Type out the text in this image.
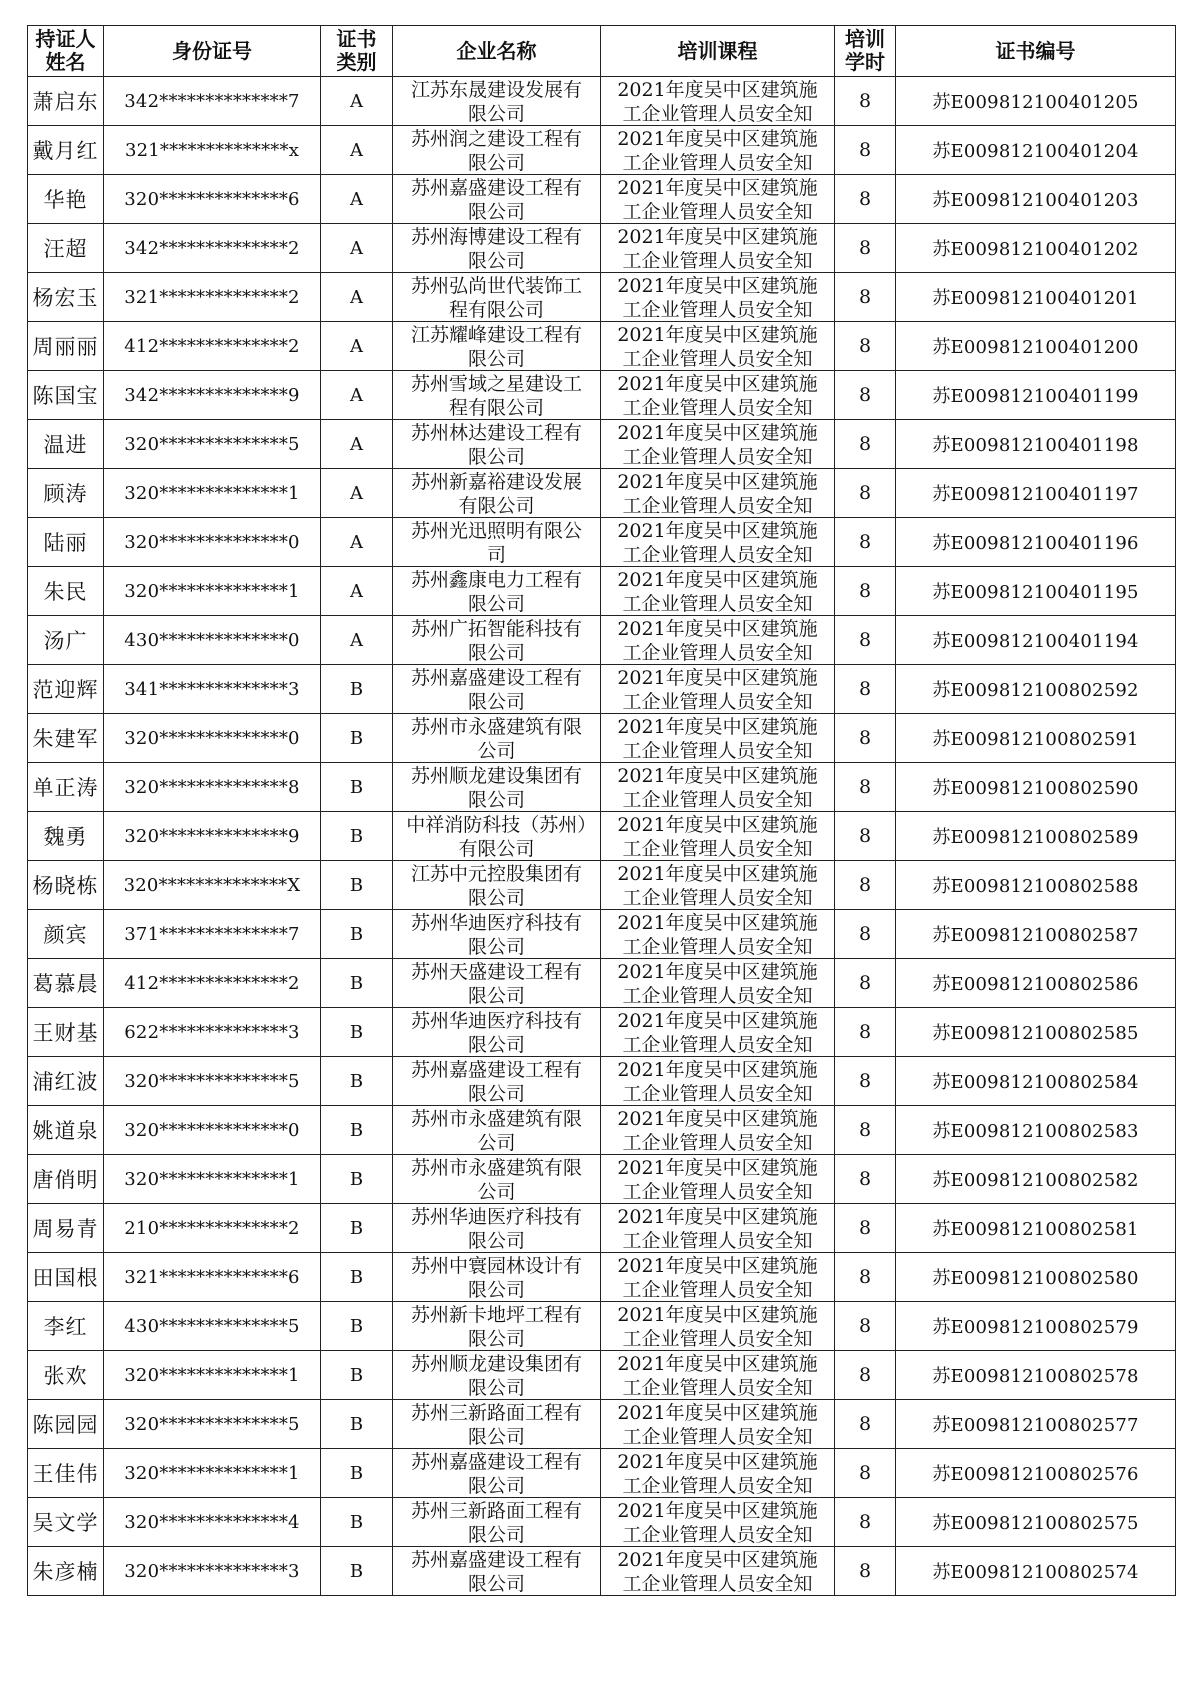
持证人姓名	身份证号	证书类别	企业名称	培训课程	培训学时	证书编号

萧启东	342**************7	A	江苏东晟建设发展有限公司	2021年度吴中区建筑施工企业管理人员安全知	8	苏E009812100401205
戴月红	321**************x	A	苏州润之建设工程有限公司	2021年度吴中区建筑施工企业管理人员安全知	8	苏E009812100401204
华艳	320**************6	A	苏州嘉盛建设工程有限公司	2021年度吴中区建筑施工企业管理人员安全知	8	苏E009812100401203
汪超	342**************2	A	苏州海博建设工程有限公司	2021年度吴中区建筑施工企业管理人员安全知	8	苏E009812100401202
杨宏玉	321**************2	A	苏州弘尚世代装饰工程有限公司	2021年度吴中区建筑施工企业管理人员安全知	8	苏E009812100401201
周丽丽	412**************2	A	江苏耀峰建设工程有限公司	2021年度吴中区建筑施工企业管理人员安全知	8	苏E009812100401200
陈国宝	342**************9	A	苏州雪域之星建设工程有限公司	2021年度吴中区建筑施工企业管理人员安全知	8	苏E009812100401199
温进	320**************5	A	苏州林达建设工程有限公司	2021年度吴中区建筑施工企业管理人员安全知	8	苏E009812100401198
顾涛	320**************1	A	苏州新嘉裕建设发展有限公司	2021年度吴中区建筑施工企业管理人员安全知	8	苏E009812100401197
陆丽	320**************0	A	苏州光迅照明有限公司	2021年度吴中区建筑施工企业管理人员安全知	8	苏E009812100401196
朱民	320**************1	A	苏州鑫康电力工程有限公司	2021年度吴中区建筑施工企业管理人员安全知	8	苏E009812100401195
汤广	430**************0	A	苏州广拓智能科技有限公司	2021年度吴中区建筑施工企业管理人员安全知	8	苏E009812100401194
范迎辉	341**************3	B	苏州嘉盛建设工程有限公司	2021年度吴中区建筑施工企业管理人员安全知	8	苏E009812100802592
朱建军	320**************0	B	苏州市永盛建筑有限公司	2021年度吴中区建筑施工企业管理人员安全知	8	苏E009812100802591
单正涛	320**************8	B	苏州顺龙建设集团有限公司	2021年度吴中区建筑施工企业管理人员安全知	8	苏E009812100802590
魏勇	320**************9	B	中祥消防科技（苏州）有限公司	2021年度吴中区建筑施工企业管理人员安全知	8	苏E009812100802589
杨晓栋	320**************X	B	江苏中元控股集团有限公司	2021年度吴中区建筑施工企业管理人员安全知	8	苏E009812100802588
颜宾	371**************7	B	苏州华迪医疗科技有限公司	2021年度吴中区建筑施工企业管理人员安全知	8	苏E009812100802587
葛慕晨	412**************2	B	苏州天盛建设工程有限公司	2021年度吴中区建筑施工企业管理人员安全知	8	苏E009812100802586
王财基	622**************3	B	苏州华迪医疗科技有限公司	2021年度吴中区建筑施工企业管理人员安全知	8	苏E009812100802585
浦红波	320**************5	B	苏州嘉盛建设工程有限公司	2021年度吴中区建筑施工企业管理人员安全知	8	苏E009812100802584
姚道泉	320**************0	B	苏州市永盛建筑有限公司	2021年度吴中区建筑施工企业管理人员安全知	8	苏E009812100802583
唐俏明	320**************1	B	苏州市永盛建筑有限公司	2021年度吴中区建筑施工企业管理人员安全知	8	苏E009812100802582
周易青	210**************2	B	苏州华迪医疗科技有限公司	2021年度吴中区建筑施工企业管理人员安全知	8	苏E009812100802581
田国根	321**************6	B	苏州中寰园林设计有限公司	2021年度吴中区建筑施工企业管理人员安全知	8	苏E009812100802580
李红	430**************5	B	苏州新卡地坪工程有限公司	2021年度吴中区建筑施工企业管理人员安全知	8	苏E009812100802579
张欢	320**************1	B	苏州顺龙建设集团有限公司	2021年度吴中区建筑施工企业管理人员安全知	8	苏E009812100802578
陈园园	320**************5	B	苏州三新路面工程有限公司	2021年度吴中区建筑施工企业管理人员安全知	8	苏E009812100802577
王佳伟	320**************1	B	苏州嘉盛建设工程有限公司	2021年度吴中区建筑施工企业管理人员安全知	8	苏E009812100802576
吴文学	320**************4	B	苏州三新路面工程有限公司	2021年度吴中区建筑施工企业管理人员安全知	8	苏E009812100802575
朱彦楠	320**************3	B	苏州嘉盛建设工程有限公司	2021年度吴中区建筑施工企业管理人员安全知	8	苏E009812100802574
